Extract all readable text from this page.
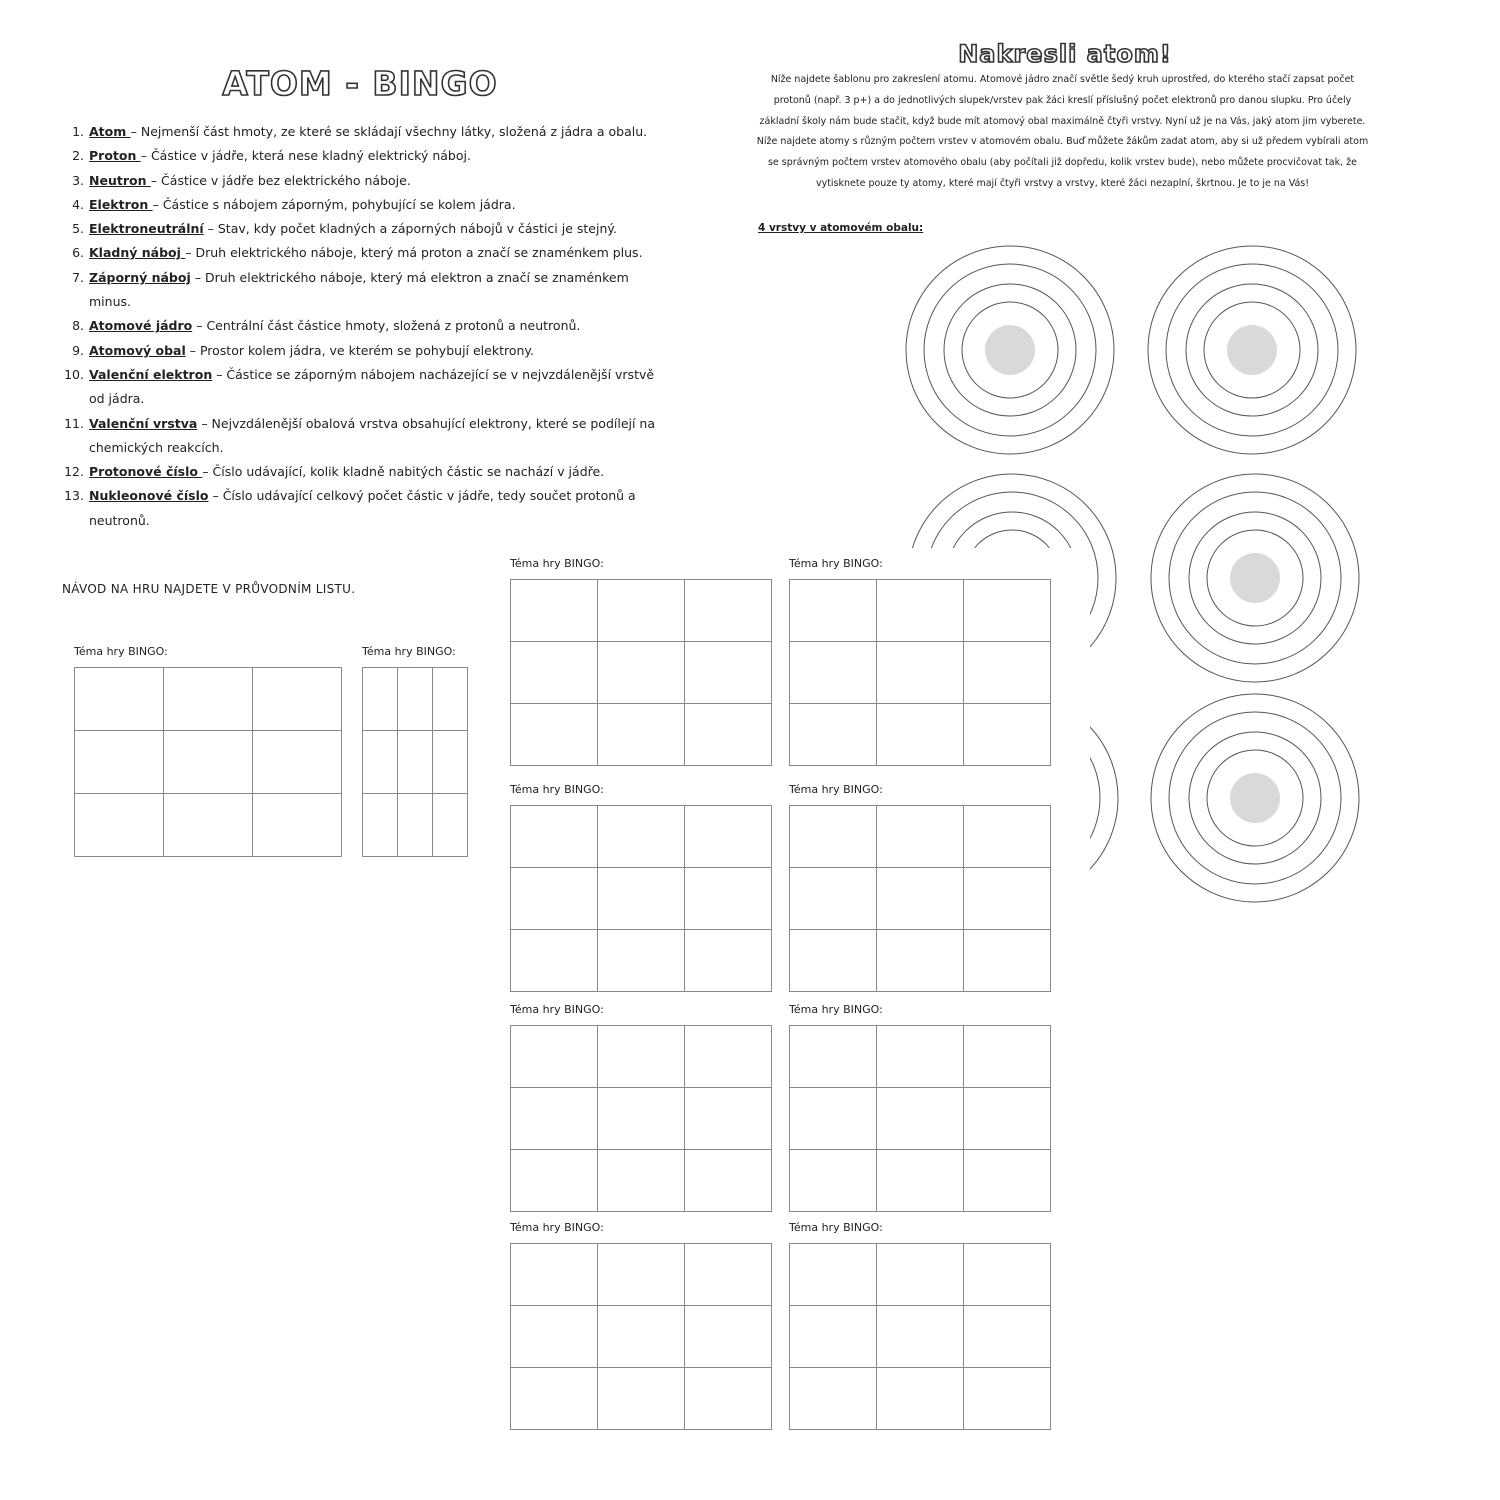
ATOM - BINGO
1. Atom – Nejmenší část hmoty, ze které se skládají všechny látky, složená z jádra a obalu.
2. Proton – Částice v jádře, která nese kladný elektrický náboj.
3. Neutron – Částice v jádře bez elektrického náboje.
4. Elektron – Částice s nábojem záporným, pohybující se kolem jádra.
5. Elektroneutrální – Stav, kdy počet kladných a záporných nábojů v částici je stejný.
6. Kladný náboj – Druh elektrického náboje, který má proton a značí se znaménkem plus.
7. Záporný náboj – Druh elektrického náboje, který má elektron a značí se znaménkem minus.
8. Atomové jádro – Centrální část částice hmoty, složená z protonů a neutronů.
9. Atomový obal – Prostor kolem jádra, ve kterém se pohybují elektrony.
10. Valenční elektron – Částice se záporným nábojem nacházející se v nejvzdálenější vrstvě od jádra.
11. Valenční vrstva – Nejvzdálenější obalová vrstva obsahující elektrony, které se podílejí na chemických reakcích.
12. Protonové číslo – Číslo udávající, kolik kladně nabitých částic se nachází v jádře.
13. Nukleonové číslo – Číslo udávající celkový počet částic v jádře, tedy součet protonů a neutronů.
NÁVOD NA HRU NAJDETE V PRŮVODNÍM LISTU.
Nakresli atom!
Níže najdete šablonu pro zakreslení atomu. Atomové jádro značí světle šedý kruh uprostřed, do kterého stačí zapsat počet protonů (např. 3 p+) a do jednotlivých slupek/vrstev pak žáci kreslí příslušný počet elektronů pro danou slupku. Pro účely základní školy nám bude stačit, když bude mít atomový obal maximálně čtyři vrstvy. Nyní už je na Vás, jaký atom jim vyberete. Níže najdete atomy s různým počtem vrstev v atomovém obalu. Buď můžete žákům zadat atom, aby si už předem vybírali atom se správným počtem vrstev atomového obalu (aby počítali již dopředu, kolik vrstev bude), nebo můžete procvičovat tak, že vytisknete pouze ty atomy, které mají čtyři vrstvy a vrstvy, které žáci nezaplní, škrtnou. Je to je na Vás!
4 vrstvy v atomovém obalu:
Téma hry BINGO:

			Téma hry BINGO:

Téma hry BINGO:

			Téma hry BINGO:

Téma hry BINGO:

			Téma hry BINGO:

Téma hry BINGO:

			Téma hry BINGO:

Téma hry BINGO:

			Téma hry BINGO:
